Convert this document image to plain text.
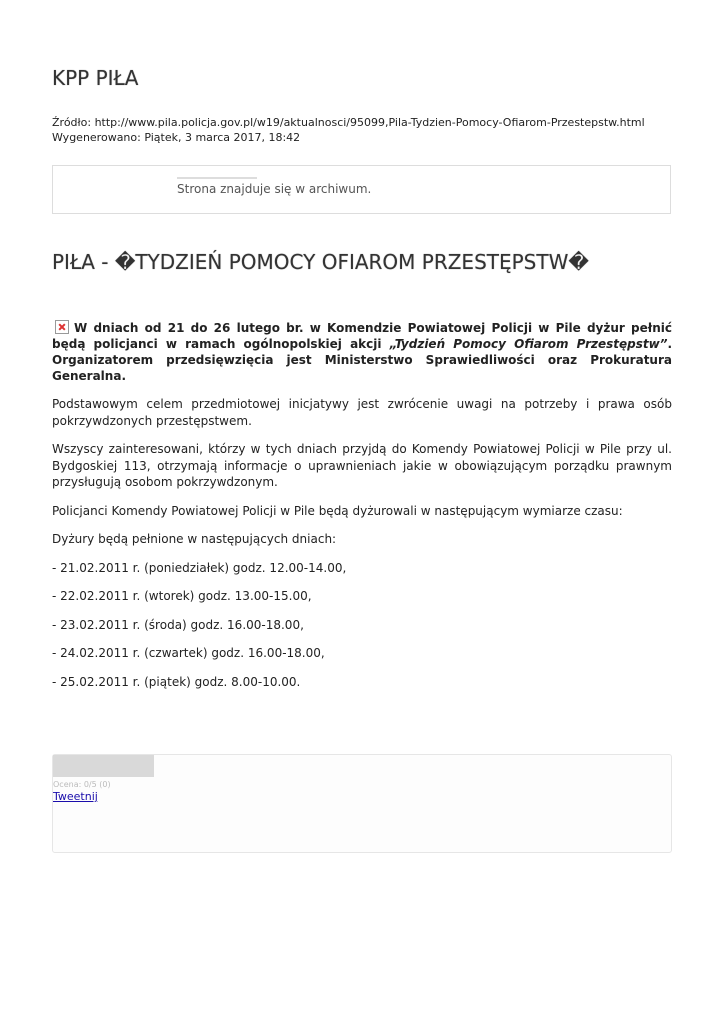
KPP PIŁA
Źródło: http://www.pila.policja.gov.pl/w19/aktualnosci/95099,Pila-Tydzien-Pomocy-Ofiarom-Przestepstw.html
Wygenerowano: Piątek, 3 marca 2017, 18:42
Strona znajduje się w archiwum.
PIŁA - �TYDZIEŃ POMOCY OFIAROM PRZESTĘPSTW�

W dniach od 21 do 26 lutego br. w Komendzie Powiatowej Policji w Pile dyżur pełnić będą policjanci w ramach ogólnopolskiej akcji „Tydzień Pomocy Ofiarom Przestępstw”. Organizatorem przedsięwzięcia jest Ministerstwo Sprawiedliwości oraz Prokuratura Generalna.

Podstawowym celem przedmiotowej inicjatywy jest zwrócenie uwagi na potrzeby i prawa osób pokrzywdzonych przestępstwem.

Wszyscy zainteresowani, którzy w tych dniach przyjdą do Komendy Powiatowej Policji w Pile przy ul. Bydgoskiej 113, otrzymają informacje o uprawnieniach jakie w obowiązującym porządku prawnym przysługują osobom pokrzywdzonym.

Policjanci Komendy Powiatowej Policji w Pile będą dyżurowali w następującym wymiarze czasu:

Dyżury będą pełnione w następujących dniach:

- 21.02.2011 r. (poniedziałek) godz. 12.00-14.00,

- 22.02.2011 r. (wtorek) godz. 13.00-15.00,

- 23.02.2011 r. (środa) godz. 16.00-18.00,

- 24.02.2011 r. (czwartek) godz. 16.00-18.00,

- 25.02.2011 r. (piątek) godz. 8.00-10.00.

Ocena: 0/5 (0)
Tweetnij
